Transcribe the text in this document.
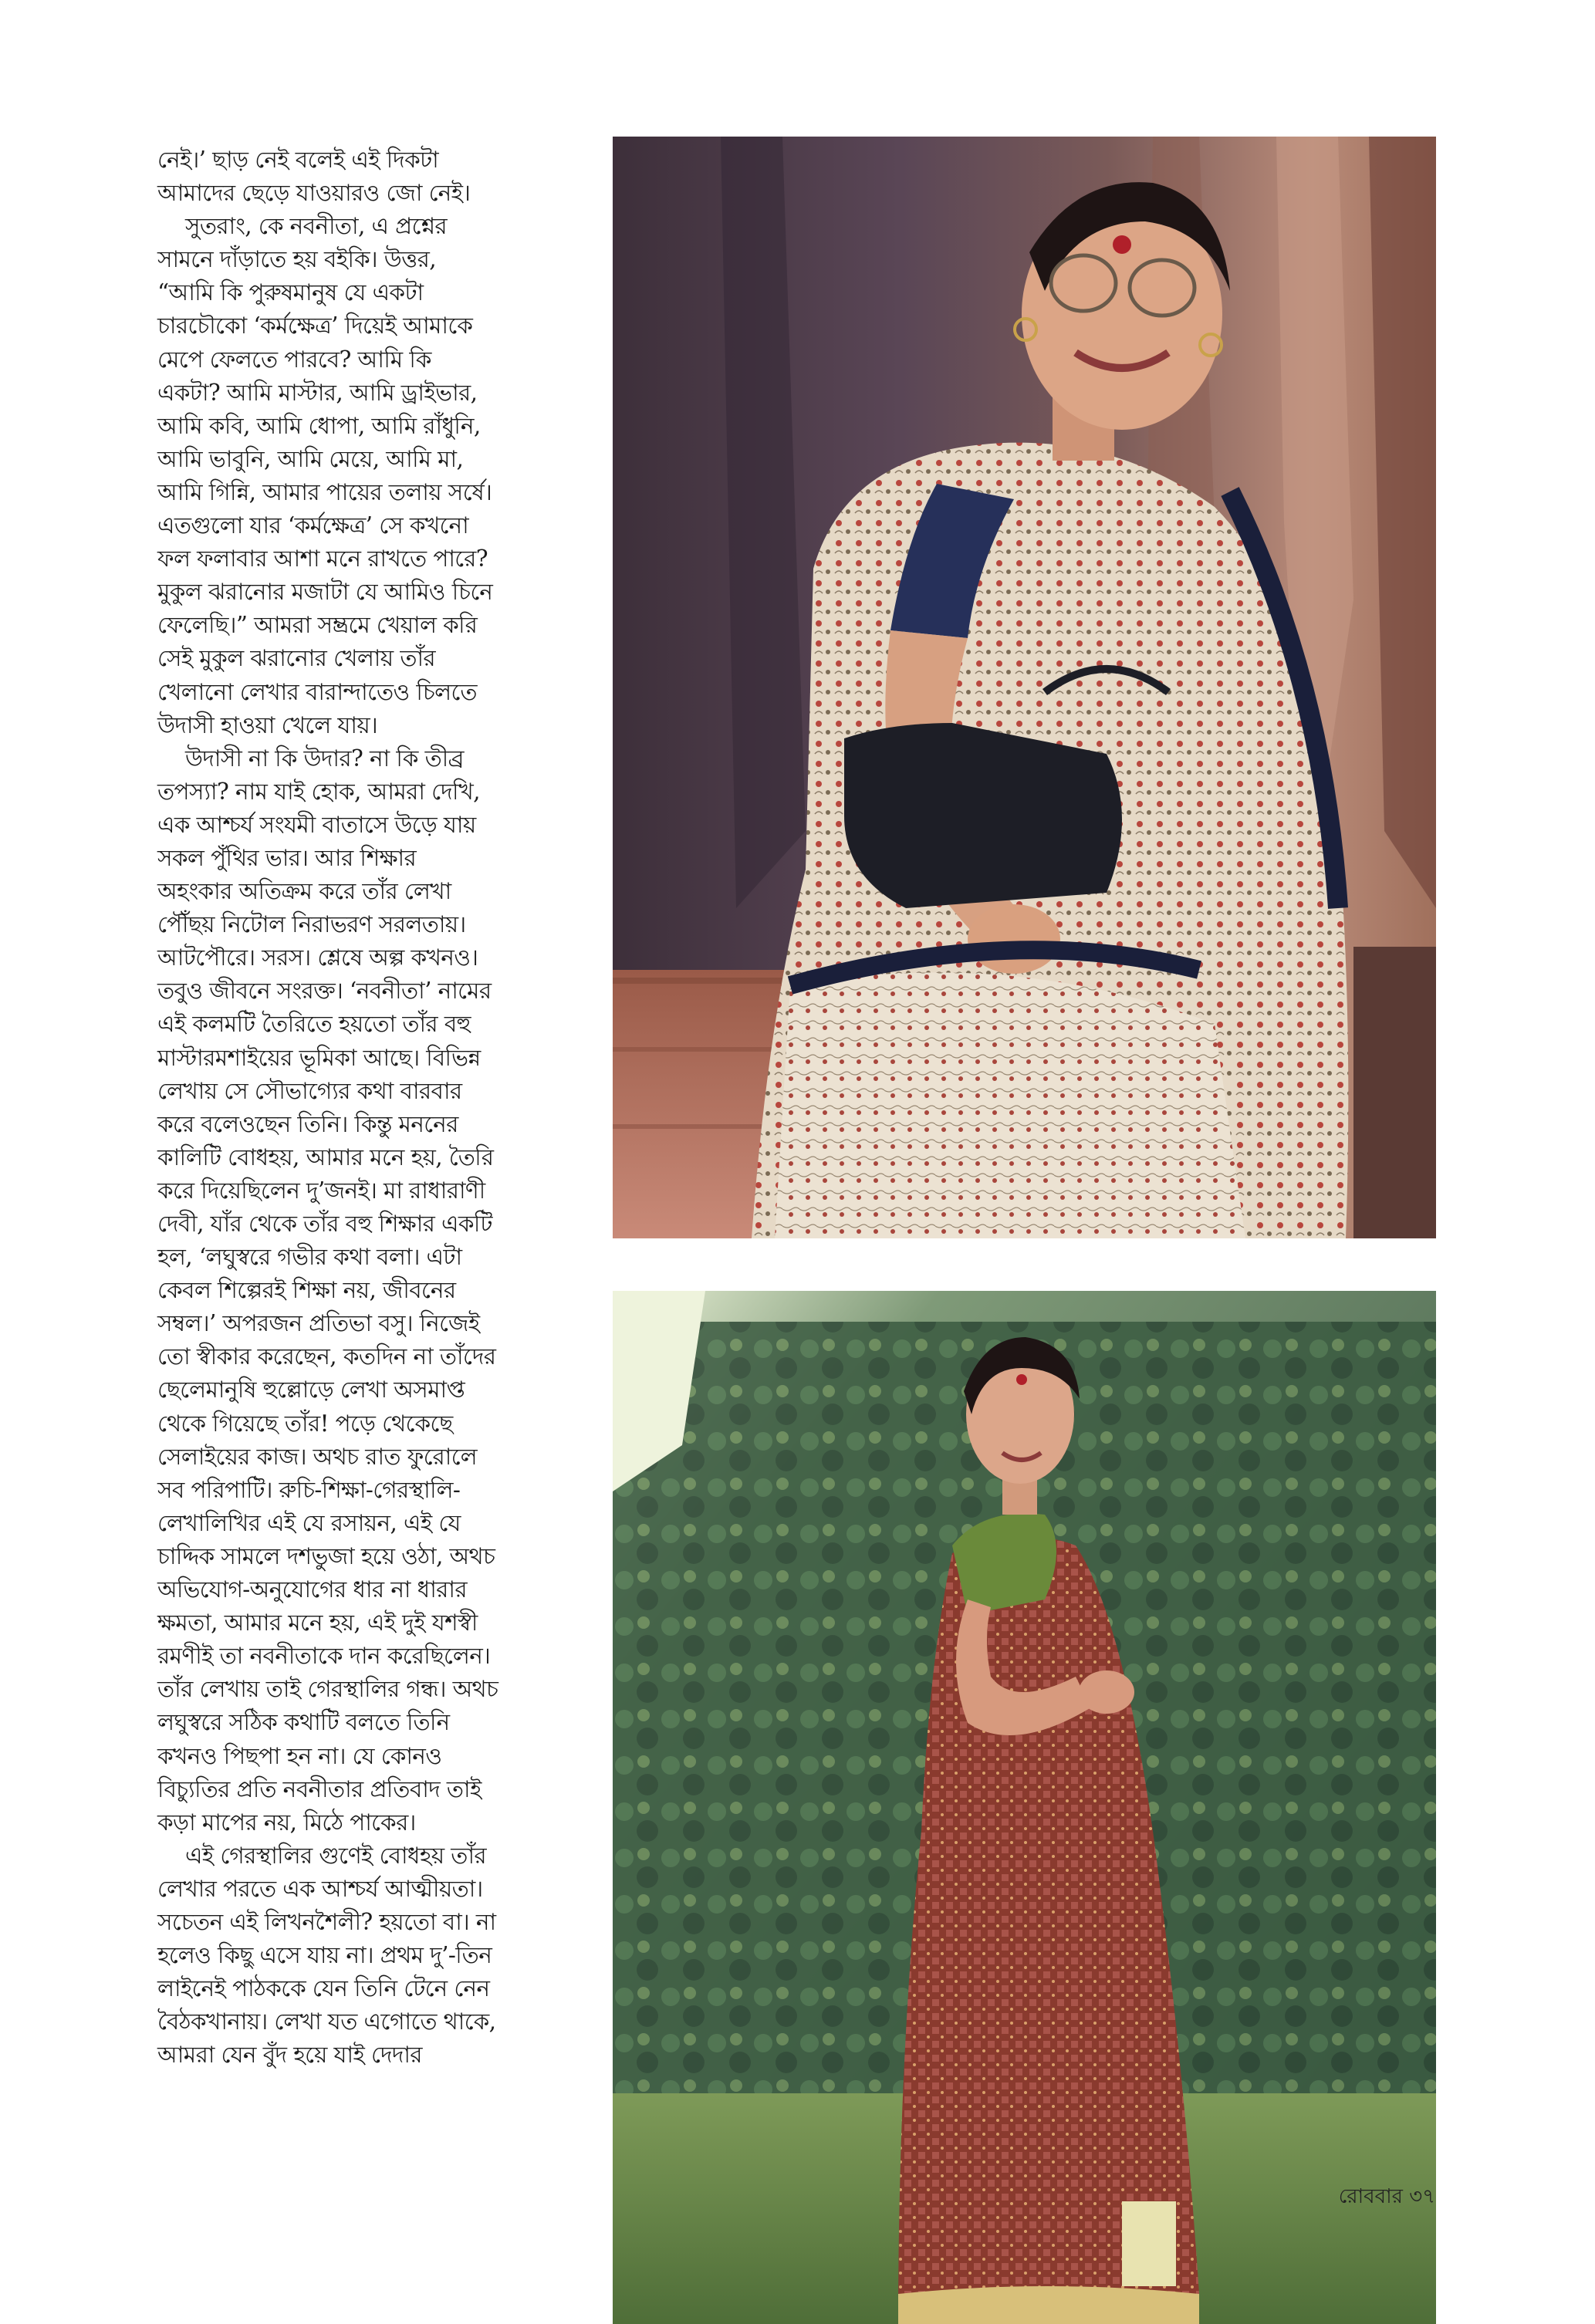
নেই।’ ছাড় নেই বলেই এই দিকটা
আমাদের ছেড়ে যাওয়ারও জো নেই।
সুতরাং, কে নবনীতা, এ প্রশ্নের
সামনে দাঁড়াতে হয় বইকি। উত্তর,
“আমি কি পুরুষমানুষ যে একটা
চারচৌকো ‘কর্মক্ষেত্র’ দিয়েই আমাকে
মেপে ফেলতে পারবে? আমি কি
একটা? আমি মাস্টার, আমি ড্রাইভার,
আমি কবি, আমি ধোপা, আমি রাঁধুনি,
আমি ভাবুনি, আমি মেয়ে, আমি মা,
আমি গিন্নি, আমার পায়ের তলায় সর্ষে।
এতগুলো যার ‘কর্মক্ষেত্র’ সে কখনো
ফল ফলাবার আশা মনে রাখতে পারে?
মুকুল ঝরানোর মজাটা যে আমিও চিনে
ফেলেছি।” আমরা সম্ভ্রমে খেয়াল করি
সেই মুকুল ঝরানোর খেলায় তাঁর
খেলানো লেখার বারান্দাতেও চিলতে
উদাসী হাওয়া খেলে যায়।
উদাসী না কি উদার? না কি তীব্র
তপস্যা? নাম যাই হোক, আমরা দেখি,
এক আশ্চর্য সংযমী বাতাসে উড়ে যায়
সকল পুঁথির ভার। আর শিক্ষার
অহংকার অতিক্রম করে তাঁর লেখা
পৌঁছয় নিটোল নিরাভরণ সরলতায়।
আটপৌরে। সরস। শ্লেষে অল্প কখনও।
তবুও জীবনে সংরক্ত। ‘নবনীতা’ নামের
এই কলমটি তৈরিতে হয়তো তাঁর বহু
মাস্টারমশাইয়ের ভূমিকা আছে। বিভিন্ন
লেখায় সে সৌভাগ্যের কথা বারবার
করে বলেওছেন তিনি। কিন্তু মননের
কালিটি বোধহয়, আমার মনে হয়, তৈরি
করে দিয়েছিলেন দু’জনই। মা রাধারাণী
দেবী, যাঁর থেকে তাঁর বহু শিক্ষার একটি
হল, ‘লঘুস্বরে গভীর কথা বলা। এটা
কেবল শিল্পেরই শিক্ষা নয়, জীবনের
সম্বল।’ অপরজন প্রতিভা বসু। নিজেই
তো স্বীকার করেছেন, কতদিন না তাঁদের
ছেলেমানুষি হুল্লোড়ে লেখা অসমাপ্ত
থেকে গিয়েছে তাঁর! পড়ে থেকেছে
সেলাইয়ের কাজ। অথচ রাত ফুরোলে
সব পরিপাটি। রুচি-শিক্ষা-গেরস্থালি-
লেখালিখির এই যে রসায়ন, এই যে
চাদ্দিক সামলে দশভুজা হয়ে ওঠা, অথচ
অভিযোগ-অনুযোগের ধার না ধারার
ক্ষমতা, আমার মনে হয়, এই দুই যশস্বী
রমণীই তা নবনীতাকে দান করেছিলেন।
তাঁর লেখায় তাই গেরস্থালির গন্ধ। অথচ
লঘুস্বরে সঠিক কথাটি বলতে তিনি
কখনও পিছপা হন না। যে কোনও
বিচ্যুতির প্রতি নবনীতার প্রতিবাদ তাই
কড়া মাপের নয়, মিঠে পাকের।
এই গেরস্থালির গুণেই বোধহয় তাঁর
লেখার পরতে এক আশ্চর্য আত্মীয়তা।
সচেতন এই লিখনশৈলী? হয়তো বা। না
হলেও কিছু এসে যায় না। প্রথম দু’-তিন
লাইনেই পাঠককে যেন তিনি টেনে নেন
বৈঠকখানায়। লেখা যত এগোতে থাকে,
আমরা যেন বুঁদ হয়ে যাই দেদার
রোববার ৩৭
